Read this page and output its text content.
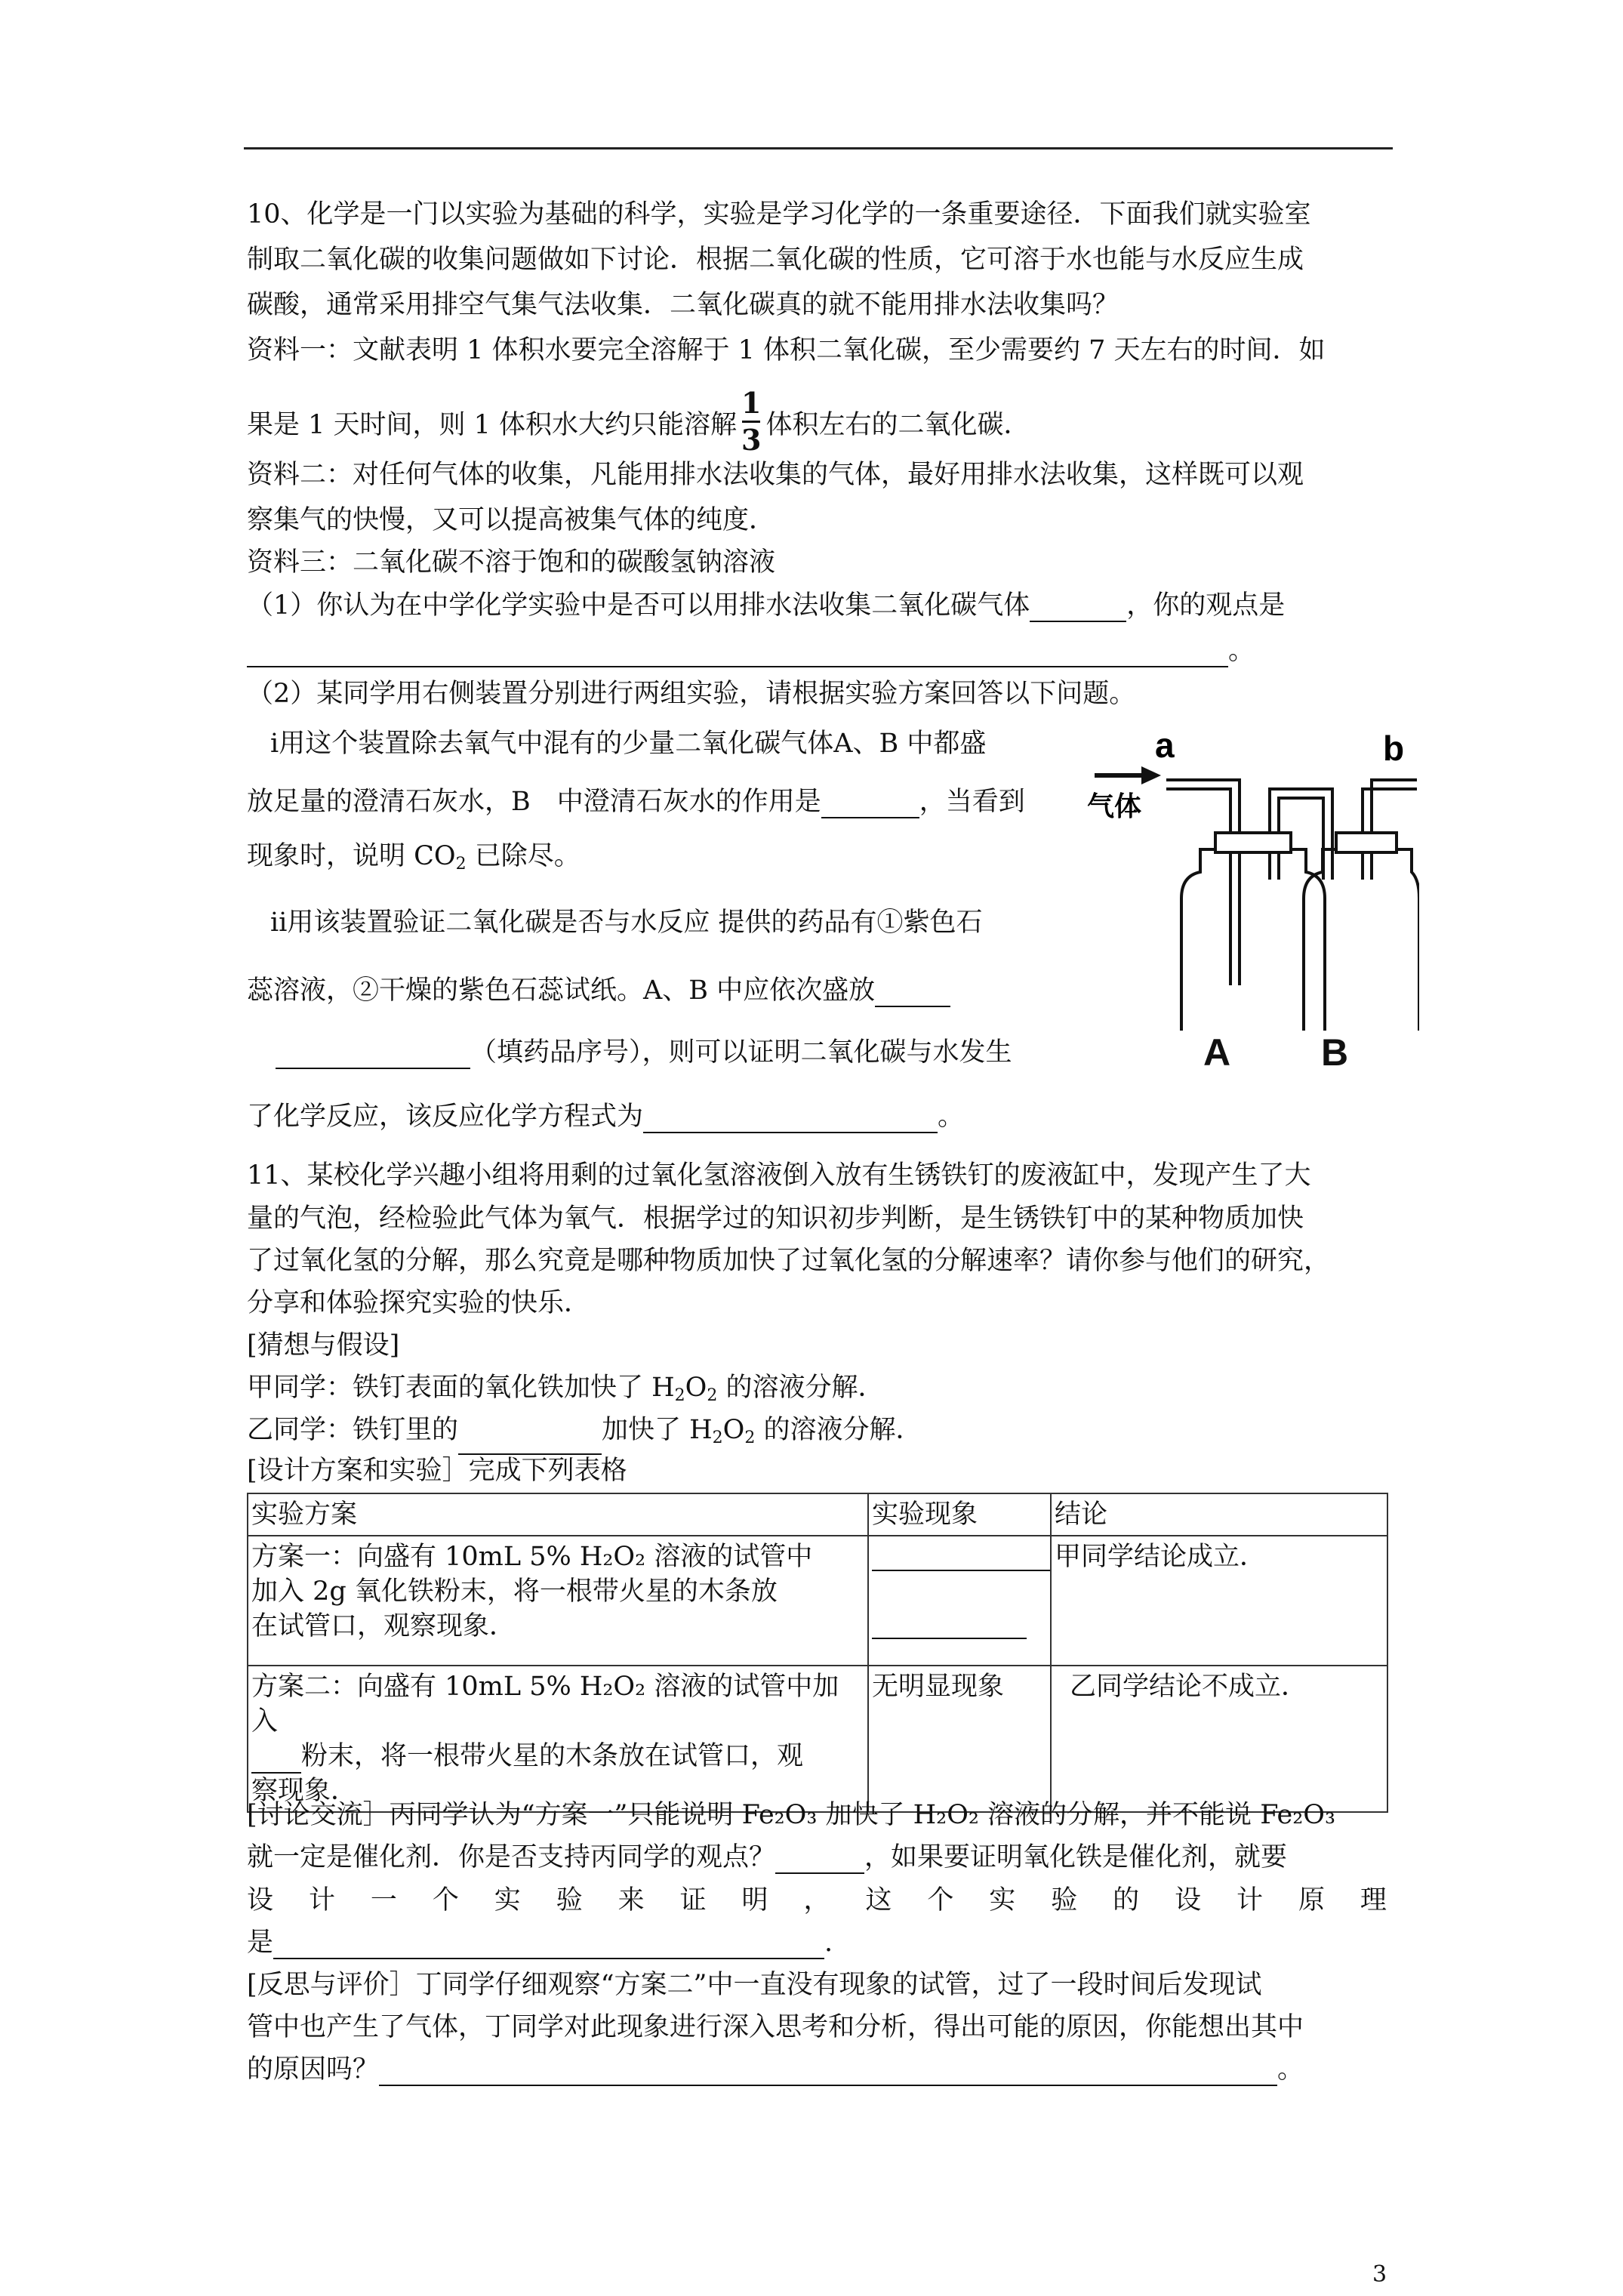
10、化学是一门以实验为基础的科学，实验是学习化学的一条重要途径．下面我们就实验室
制取二氧化碳的收集问题做如下讨论．根据二氧化碳的性质，它可溶于水也能与水反应生成
碳酸，通常采用排空气集气法收集．二氧化碳真的就不能用排水法收集吗？
资料一：文献表明 1 体积水要完全溶解于 1 体积二氧化碳，至少需要约 7 天左右的时间．如
果是 1 天时间，则 1 体积水大约只能溶解 $\frac{1}{3}$ 体积左右的二氧化碳．
资料二：对任何气体的收集，凡能用排水法收集的气体，最好用排水法收集，这样既可以观
察集气的快慢，又可以提高被集气体的纯度．
资料三：二氧化碳不溶于饱和的碳酸氢钠溶液
（1）你认为在中学化学实验中是否可以用排水法收集二氧化碳气体	，你的观点是
。
（2）某同学用右侧装置分别进行两组实验，请根据实验方案回答以下问题。
ⅰ用这个装置除去氧气中混有的少量二氧化碳气体A、B 中都盛
放足量的澄清石灰水，B　中澄清石灰水的作用是	，当看到
现象时，说明 $CO_2$ 已除尽。
ⅱ用该装置验证二氧化碳是否与水反应 提供的药品有①紫色石
蕊溶液，②干燥的紫色石蕊试纸。A、B 中应依次盛放
（填药品序号），则可以证明二氧化碳与水发生
了化学反应，该反应化学方程式为	。
a	b
气体
A B
11、某校化学兴趣小组将用剩的过氧化氢溶液倒入放有生锈铁钉的废液缸中，发现产生了大
量的气泡，经检验此气体为氧气．根据学过的知识初步判断，是生锈铁钉中的某种物质加快
了过氧化氢的分解，那么究竟是哪种物质加快了过氧化氢的分解速率？请你参与他们的研究，
分享和体验探究实验的快乐．
[猜想与假设]
甲同学：铁钉表面的氧化铁加快了 $H_2O_2$ 的溶液分解．
乙同学：铁钉里的	加快了 $H_2O_2$ 的溶液分解．
[设计方案和实验］完成下列表格
实验方案	实验现象	结论

方案一：向盛有 10mL 5% H₂O₂ 溶液的试管中
加入 2g 氧化铁粉末，将一根带火星的木条放
在试管口，观察现象．		甲同学结论成立．

方案二：向盛有 10mL 5% H₂O₂ 溶液的试管中加入
粉末，将一根带火星的木条放在试管口，观
察现象．	无明显现象	乙同学结论不成立．
[讨论交流］丙同学认为“方案一”只能说明 Fe₂O₃ 加快了 H₂O₂ 溶液的分解，并不能说 Fe₂O₃
就一定是催化剂．你是否支持丙同学的观点？	，如果要证明氧化铁是催化剂，就要
设 计 一 个 实 验 来 证 明 ， 这 个 实 验 的 设 计 原 理
是	.
[反思与评价］丁同学仔细观察“方案二”中一直没有现象的试管，过了一段时间后发现试
管中也产生了气体，丁同学对此现象进行深入思考和分析，得出可能的原因，你能想出其中
的原因吗？	。
3
